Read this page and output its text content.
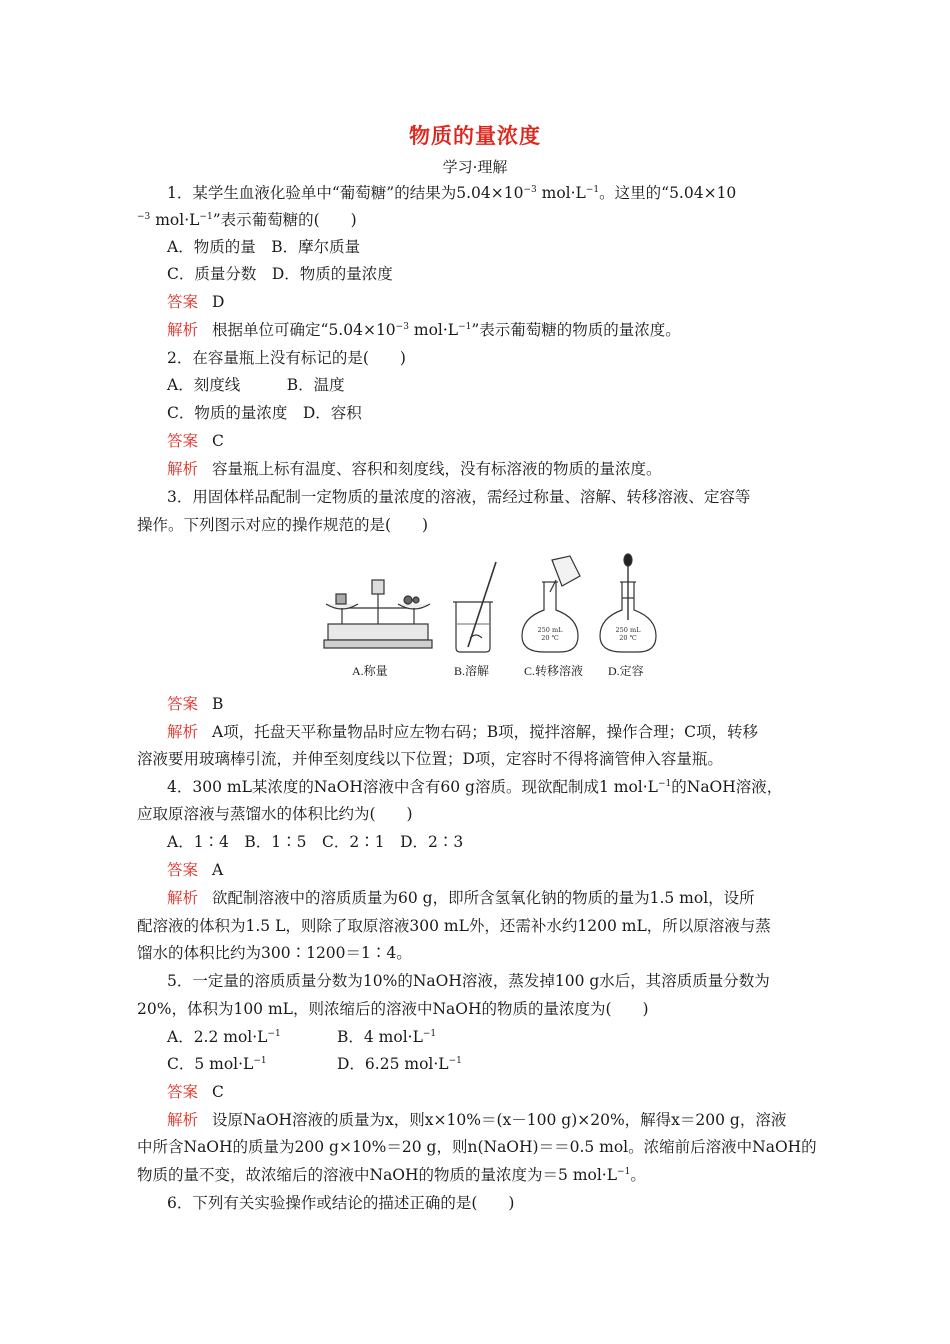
物质的量浓度
学习·理解
1．某学生血液化验单中“葡萄糖”的结果为$5.04\times 10^{-3}$ $mol\cdot L^{-1}$。这里的“5.04×10
$^{-3}$ $mol\cdot L^{-1}$”表示葡萄糖的(　　)
A．物质的量　B．摩尔质量
C．质量分数　D．物质的量浓度
答案 D
解析 根据单位可确定“$5.04\times 10^{-3}$ $mol\cdot L^{-1}$”表示葡萄糖的物质的量浓度。
2．在容量瓶上没有标记的是(　　)
A．刻度线　　　B．温度
C．物质的量浓度　D．容积
答案 C
解析 容量瓶上标有温度、容积和刻度线，没有标溶液的物质的量浓度。
3．用固体样品配制一定物质的量浓度的溶液，需经过称量、溶解、转移溶液、定容等
操作。下列图示对应的操作规范的是(　　)
250 mL
20 ℃
250 mL
20 ℃
A.称量	B.溶解	C.转移溶液 D.定容
答案 B
解析 A项，托盘天平称量物品时应左物右码；B项，搅拌溶解，操作合理；C项，转移
溶液要用玻璃棒引流，并伸至刻度线以下位置；D项，定容时不得将滴管伸入容量瓶。
4．300 mL某浓度的NaOH溶液中含有60 g溶质。现欲配制成1 $mol\cdot L^{-1}$的NaOH溶液，
应取原溶液与蒸馏水的体积比约为(　　)
A．1∶4　B．1∶5　C．2∶1　D．2∶3
答案 A
解析 欲配制溶液中的溶质质量为60 g，即所含氢氧化钠的物质的量为1.5 mol，设所
配溶液的体积为1.5 L，则除了取原溶液300 mL外，还需补水约1200 mL，所以原溶液与蒸
馏水的体积比约为300∶1200＝1∶4。
5．一定量的溶质质量分数为10%的NaOH溶液，蒸发掉100 g水后，其溶质质量分数为
20%，体积为100 mL，则浓缩后的溶液中NaOH的物质的量浓度为(　　)
A．2.2 $mol\cdot L^{-1}$	B．4 $mol\cdot L^{-1}$
C．5 $mol\cdot L^{-1}$	D．6.25 $mol\cdot L^{-1}$
答案 C
解析 设原NaOH溶液的质量为x，则x×10%＝(x－100 g)×20%，解得x＝200 g，溶液
中所含NaOH的质量为200 g×10%＝20 g，则n(NaOH)＝＝0.5 mol。浓缩前后溶液中NaOH的
物质的量不变，故浓缩后的溶液中NaOH的物质的量浓度为＝5 $mol\cdot L^{-1}$。
6．下列有关实验操作或结论的描述正确的是(　　)
